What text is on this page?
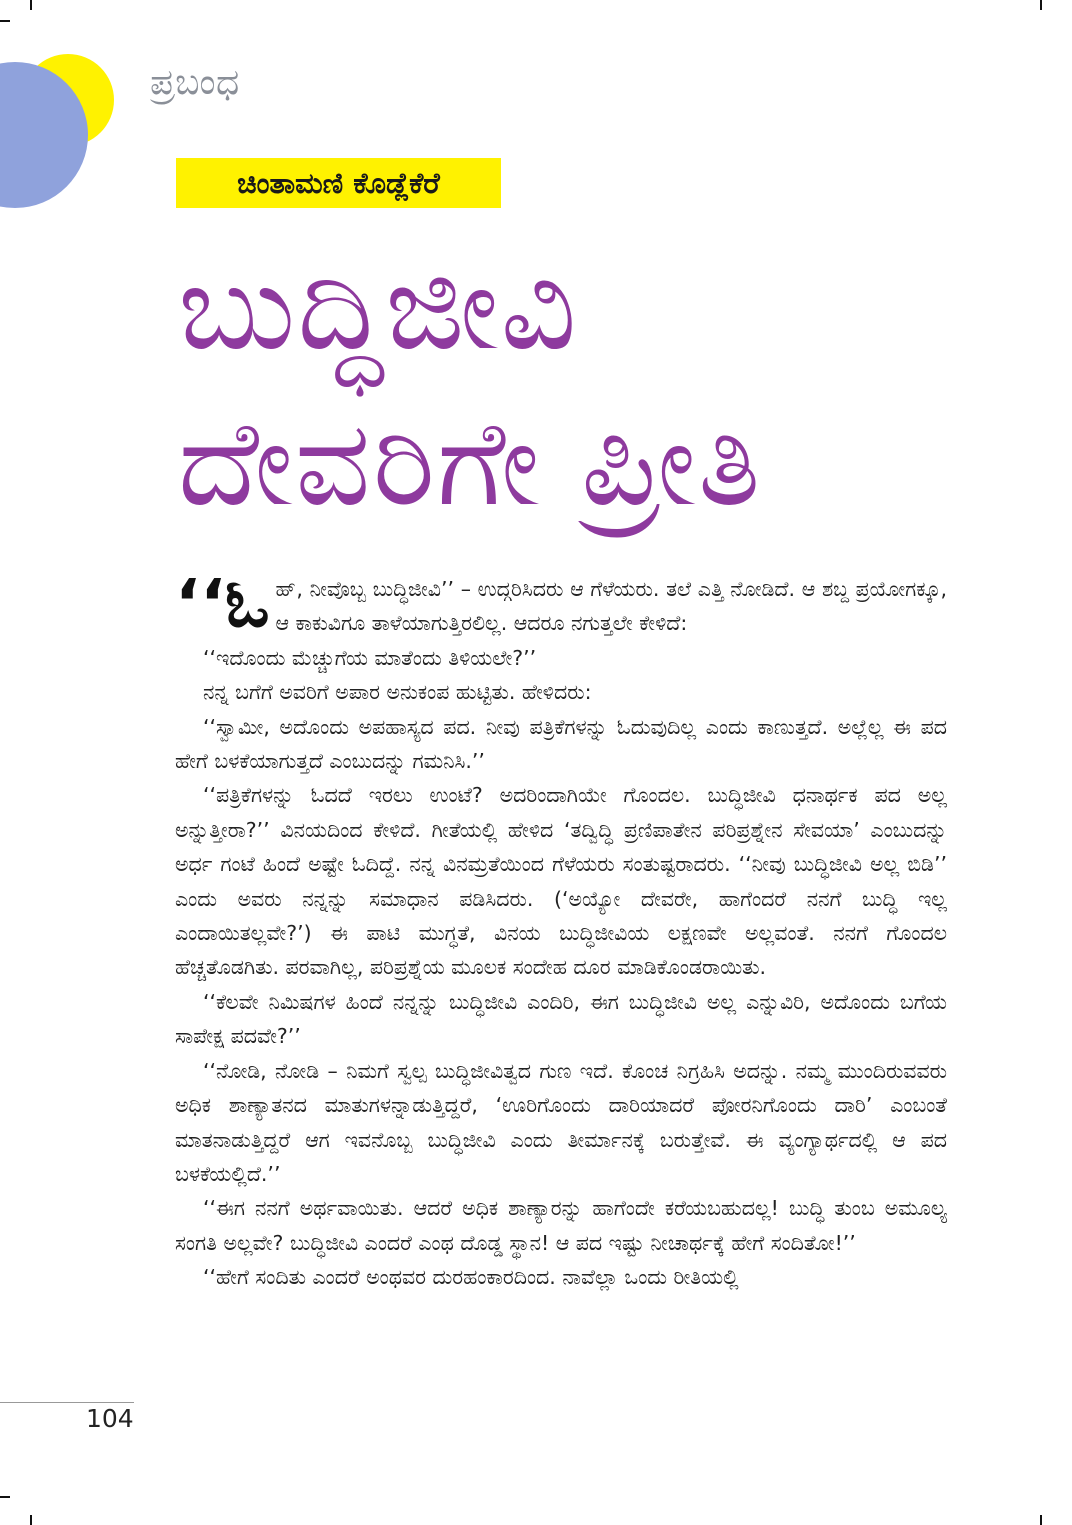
ಪ್ರಬಂಧ
ಚಿಂತಾಮಣಿ ಕೊಡ್ಲೆಕೆರೆ
ಬುದ್ಧಿಜೀವಿ
ದೇವರಿಗೇ ಪ್ರೀತಿ

‘‘ಓ ಹ್, ನೀವೊಬ್ಬ ಬುದ್ಧಿಜೀವಿ’’ – ಉದ್ಗರಿಸಿದರು ಆ ಗೆಳೆಯರು. ತಲೆ ಎತ್ತಿ ನೋಡಿದೆ. ಆ ಶಬ್ದ ಪ್ರಯೋಗಕ್ಕೂ, ಆ ಕಾಕುವಿಗೂ ತಾಳೆಯಾಗುತ್ತಿರಲಿಲ್ಲ. ಆದರೂ ನಗುತ್ತಲೇ ಕೇಳಿದೆ:

‘‘ಇದೊಂದು ಮೆಚ್ಚುಗೆಯ ಮಾತೆಂದು ತಿಳಿಯಲೇ?’’

ನನ್ನ ಬಗೆಗೆ ಅವರಿಗೆ ಅಪಾರ ಅನುಕಂಪ ಹುಟ್ಟಿತು. ಹೇಳಿದರು:

‘‘ಸ್ವಾಮೀ, ಅದೊಂದು ಅಪಹಾಸ್ಯದ ಪದ. ನೀವು ಪತ್ರಿಕೆಗಳನ್ನು ಓದುವುದಿಲ್ಲ ಎಂದು ಕಾಣುತ್ತದೆ. ಅಲ್ಲೆಲ್ಲ ಈ ಪದ ಹೇಗೆ ಬಳಕೆಯಾಗುತ್ತದೆ ಎಂಬುದನ್ನು ಗಮನಿಸಿ.’’

‘‘ಪತ್ರಿಕೆಗಳನ್ನು ಓದದೆ ಇರಲು ಉಂಟೆ? ಅದರಿಂದಾಗಿಯೇ ಗೊಂದಲ. ಬುದ್ಧಿಜೀವಿ ಧನಾರ್ಥಕ ಪದ ಅಲ್ಲ ಅನ್ನುತ್ತೀರಾ?’’ ವಿನಯದಿಂದ ಕೇಳಿದೆ. ಗೀತೆಯಲ್ಲಿ ಹೇಳಿದ ‘ತದ್ವಿದ್ಧಿ ಪ್ರಣಿಪಾತೇನ ಪರಿಪ್ರಶ್ನೇನ ಸೇವಯಾ’ ಎಂಬುದನ್ನು ಅರ್ಧ ಗಂಟೆ ಹಿಂದೆ ಅಷ್ಟೇ ಓದಿದ್ದೆ. ನನ್ನ ವಿನಮ್ರತೆಯಿಂದ ಗೆಳೆಯರು ಸಂತುಷ್ಟರಾದರು. ‘‘ನೀವು ಬುದ್ಧಿಜೀವಿ ಅಲ್ಲ ಬಿಡಿ’’ ಎಂದು ಅವರು ನನ್ನನ್ನು ಸಮಾಧಾನ ಪಡಿಸಿದರು. (‘ಅಯ್ಯೋ ದೇವರೇ, ಹಾಗೆಂದರೆ ನನಗೆ ಬುದ್ಧಿ ಇಲ್ಲ ಎಂದಾಯಿತಲ್ಲವೇ?’) ಈ ಪಾಟಿ ಮುಗ್ಧತೆ, ವಿನಯ ಬುದ್ಧಿಜೀವಿಯ ಲಕ್ಷಣವೇ ಅಲ್ಲವಂತೆ. ನನಗೆ ಗೊಂದಲ ಹೆಚ್ಚತೊಡಗಿತು. ಪರವಾಗಿಲ್ಲ, ಪರಿಪ್ರಶ್ನೆಯ ಮೂಲಕ ಸಂದೇಹ ದೂರ ಮಾಡಿಕೊಂಡರಾಯಿತು.

‘‘ಕೆಲವೇ ನಿಮಿಷಗಳ ಹಿಂದೆ ನನ್ನನ್ನು ಬುದ್ಧಿಜೀವಿ ಎಂದಿರಿ, ಈಗ ಬುದ್ಧಿಜೀವಿ ಅಲ್ಲ ಎನ್ನುವಿರಿ, ಅದೊಂದು ಬಗೆಯ ಸಾಪೇಕ್ಷ ಪದವೇ?’’

‘‘ನೋಡಿ, ನೋಡಿ – ನಿಮಗೆ ಸ್ವಲ್ಪ ಬುದ್ಧಿಜೀವಿತ್ವದ ಗುಣ ಇದೆ. ಕೊಂಚ ನಿಗ್ರಹಿಸಿ ಅದನ್ನು. ನಮ್ಮ ಮುಂದಿರುವವರು ಅಧಿಕ ಶಾಣ್ಯಾತನದ ಮಾತುಗಳನ್ನಾಡುತ್ತಿದ್ದರೆ, ‘ಊರಿಗೊಂದು ದಾರಿಯಾದರೆ ಪೋರನಿಗೊಂದು ದಾರಿ’ ಎಂಬಂತೆ ಮಾತನಾಡುತ್ತಿದ್ದರೆ ಆಗ ಇವನೊಬ್ಬ ಬುದ್ಧಿಜೀವಿ ಎಂದು ತೀರ್ಮಾನಕ್ಕೆ ಬರುತ್ತೇವೆ. ಈ ವ್ಯಂಗ್ಯಾರ್ಥದಲ್ಲಿ ಆ ಪದ ಬಳಕೆಯಲ್ಲಿದೆ.’’

‘‘ಈಗ ನನಗೆ ಅರ್ಥವಾಯಿತು. ಆದರೆ ಅಧಿಕ ಶಾಣ್ಯಾರನ್ನು ಹಾಗೆಂದೇ ಕರೆಯಬಹುದಲ್ಲ! ಬುದ್ಧಿ ತುಂಬ ಅಮೂಲ್ಯ ಸಂಗತಿ ಅಲ್ಲವೇ? ಬುದ್ಧಿಜೀವಿ ಎಂದರೆ ಎಂಥ ದೊಡ್ಡ ಸ್ಥಾನ! ಆ ಪದ ಇಷ್ಟು ನೀಚಾರ್ಥಕ್ಕೆ ಹೇಗೆ ಸಂದಿತೋ!’’

‘‘ಹೇಗೆ ಸಂದಿತು ಎಂದರೆ ಅಂಥವರ ದುರಹಂಕಾರದಿಂದ. ನಾವೆಲ್ಲಾ ಒಂದು ರೀತಿಯಲ್ಲಿ

104
